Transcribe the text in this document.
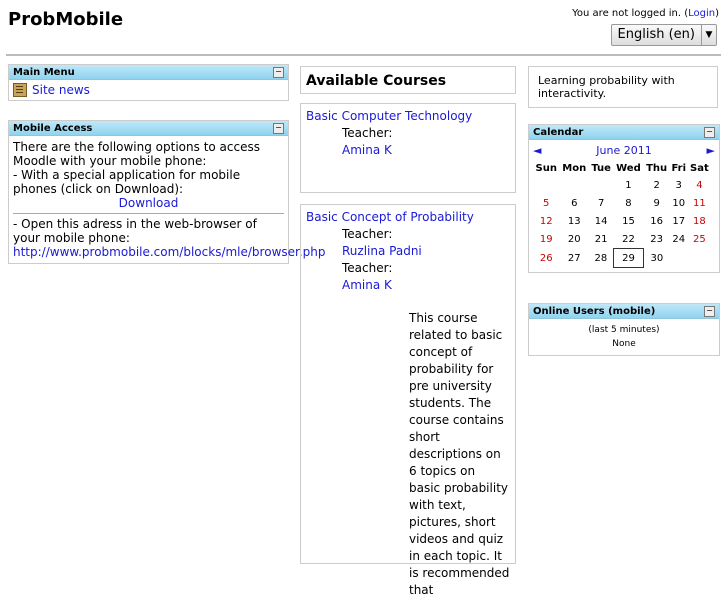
ProbMobile	You are not logged in. (Login)
English (en)	▼
Main Menu	−
Site news
Mobile Access	−
There are the following options to access Moodle with your mobile phone:
- With a special application for mobile phones (click on Download):
Download
- Open this adress in the web-browser of your mobile phone:
http://www.probmobile.com/blocks/mle/browser.php
Available Courses
Basic Computer Technology
Teacher:
Amina K
Basic Concept of Probability
Teacher:
Ruzlina Padni
Teacher:
Amina K
This course related to basic concept of probability for pre university students. The course contains short descriptions on 6 topics on basic probability with text, pictures, short videos and quiz in each topic. It is recommended that
Learning probability with interactivity.
Calendar	−
◄	June 2011	►
Sun	Mon	Tue	Wed	Thu	Fri	Sat
			1	2	3	4
5	6	7	8	9	10	11
12	13	14	15	16	17	18
19	20	21	22	23	24	25
26	27	28	29	30		
Online Users (mobile)	−
(last 5 minutes)
None
